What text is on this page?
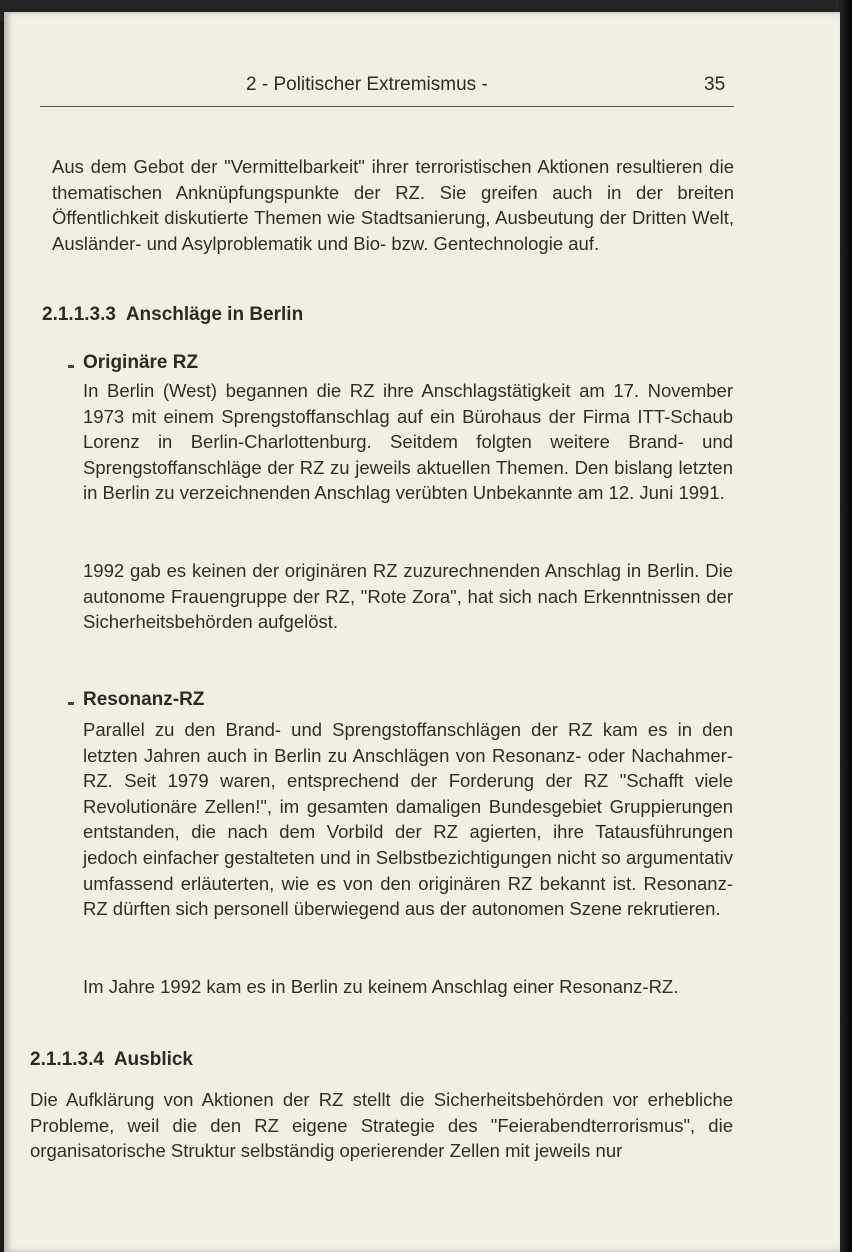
2 - Politischer Extremismus -	35

Aus dem Gebot der "Vermittelbarkeit" ihrer terroristischen Aktionen resultieren die thematischen Anknüpfungspunkte der RZ. Sie greifen auch in der breiten Öffentlichkeit diskutierte Themen wie Stadtsanierung, Ausbeutung der Dritten Welt, Ausländer- und Asylproblematik und Bio- bzw. Gentechnologie auf.

2.1.1.3.3 Anschläge in Berlin
Originäre RZ

In Berlin (West) begannen die RZ ihre Anschlagstätigkeit am 17. November 1973 mit einem Sprengstoffanschlag auf ein Bürohaus der Firma ITT-Schaub Lorenz in Berlin-Charlottenburg. Seitdem folgten weitere Brand- und Sprengstoffanschläge der RZ zu jeweils aktuellen Themen. Den bislang letzten in Berlin zu verzeichnenden Anschlag verübten Unbekannte am 12. Juni 1991.

1992 gab es keinen der originären RZ zuzurechnenden Anschlag in Berlin. Die autonome Frauengruppe der RZ, "Rote Zora", hat sich nach Erkenntnissen der Sicherheitsbehörden aufgelöst.

Resonanz-RZ

Parallel zu den Brand- und Sprengstoffanschlägen der RZ kam es in den letzten Jahren auch in Berlin zu Anschlägen von Resonanz- oder Nachahmer-RZ. Seit 1979 waren, entsprechend der Forderung der RZ "Schafft viele Revolutionäre Zellen!", im gesamten damaligen Bundesgebiet Gruppierungen entstanden, die nach dem Vorbild der RZ agierten, ihre Tatausführungen jedoch einfacher gestalteten und in Selbstbezichtigungen nicht so argumentativ umfassend erläuterten, wie es von den originären RZ bekannt ist. Resonanz-RZ dürften sich personell überwiegend aus der autonomen Szene rekrutieren.

Im Jahre 1992 kam es in Berlin zu keinem Anschlag einer Resonanz-RZ.

2.1.1.3.4 Ausblick

Die Aufklärung von Aktionen der RZ stellt die Sicherheitsbehörden vor erhebliche Probleme, weil die den RZ eigene Strategie des "Feierabendterrorismus", die organisatorische Struktur selbständig operierender Zellen mit jeweils nur
